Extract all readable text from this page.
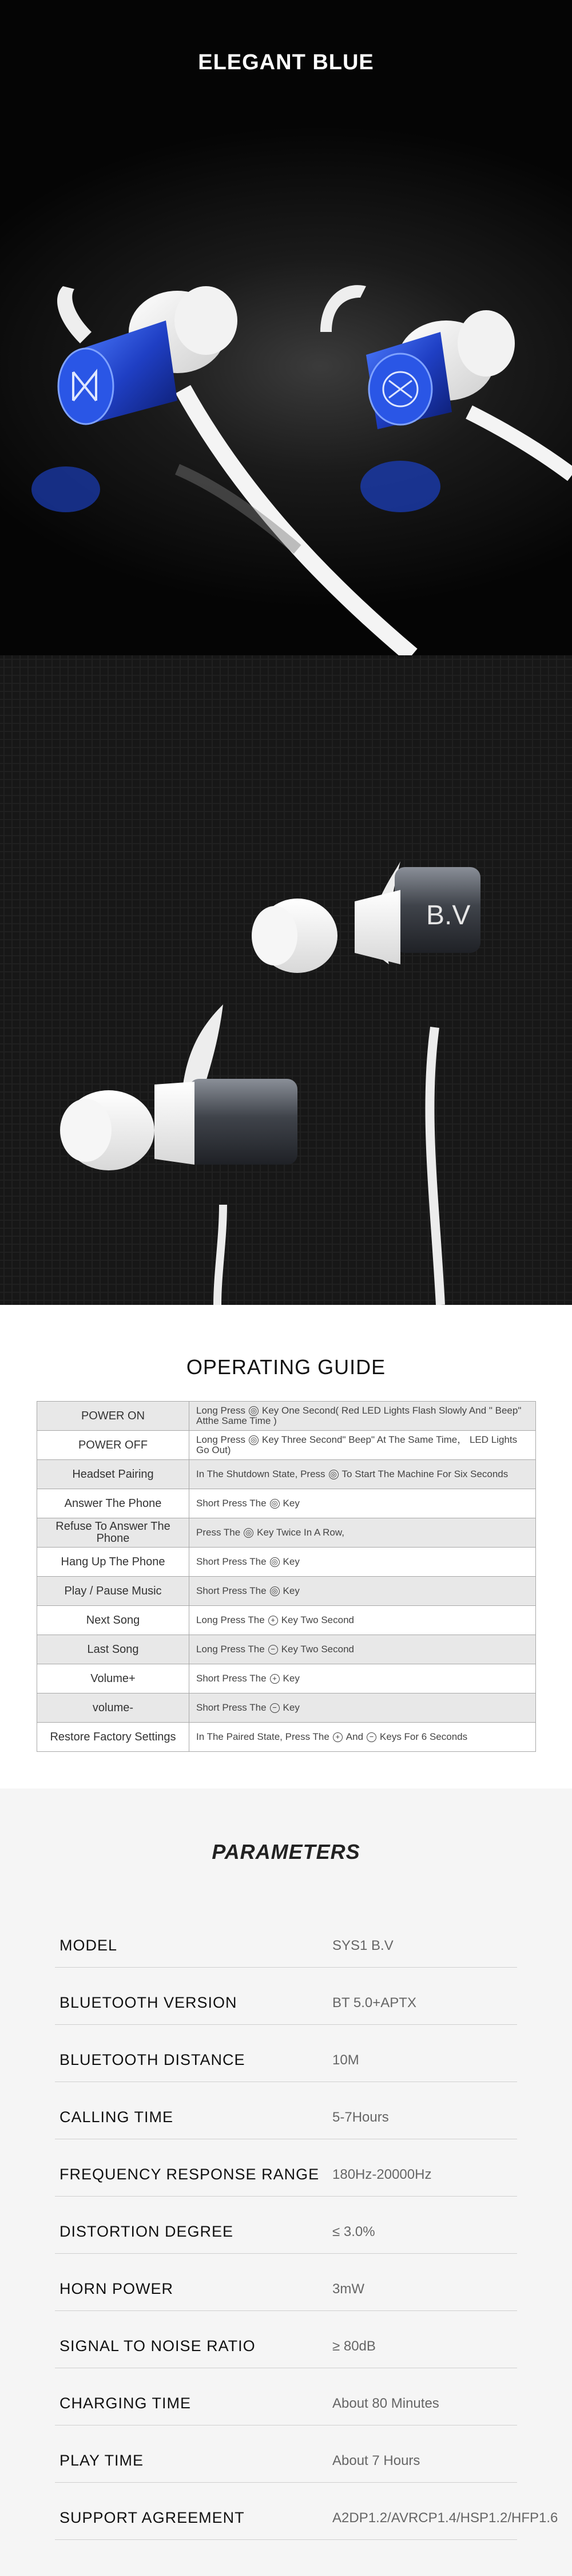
ELEGANT BLUE
B.V
OPERATING GUIDE
POWER ON	Long Press ◎ Key One Second( Red LED Lights Flash Slowly And " Beep" Atthe Same Time )
POWER OFF	Long Press ◎ Key Three Second" Beep" At The Same Time， LED Lights Go Out)
Headset Pairing	In The Shutdown State, Press ◎ To Start The Machine For Six Seconds
Answer The Phone	Short Press The ◎ Key
Refuse To Answer The Phone	Press The ◎ Key Twice In A Row,
Hang Up The Phone	Short Press The ◎ Key
Play / Pause Music	Short Press The ◎ Key
Next Song	Long Press The + Key Two Second
Last Song	Long Press The − Key Two Second
Volume+	Short Press The + Key
volume-	Short Press The − Key
Restore Factory Settings	In The Paired State, Press The + And − Keys For 6 Seconds
PARAMETERS
MODEL	SYS1 B.V
BLUETOOTH VERSION	BT 5.0+APTX
BLUETOOTH DISTANCE	10M
CALLING TIME	5-7Hours
FREQUENCY RESPONSE RANGE 180Hz-20000Hz
DISTORTION DEGREE	≤ 3.0%
HORN POWER	3mW
SIGNAL TO NOISE RATIO	≥ 80dB
CHARGING TIME	About 80 Minutes
PLAY TIME	About 7 Hours
SUPPORT AGREEMENT	A2DP1.2/AVRCP1.4/HSP1.2/HFP1.6
